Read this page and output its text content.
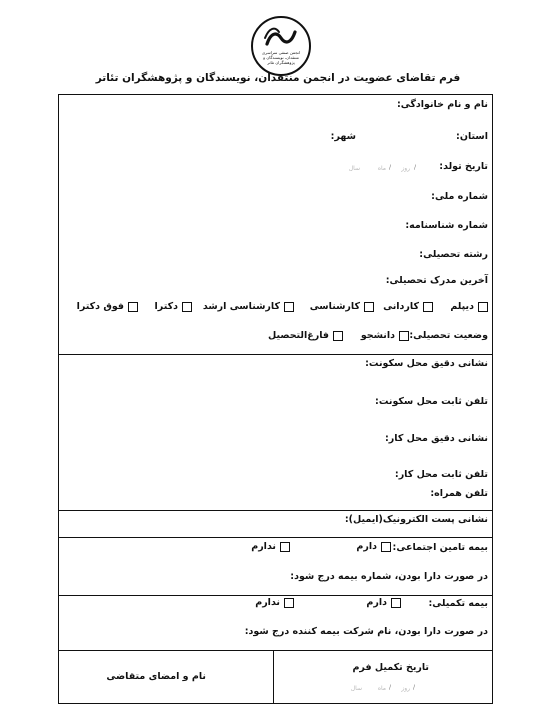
انجمن صنفی سراسری منتقدان، نویسندگان و پژوهشگران تئاتر
فرم تقاضای عضویت در انجمن منتقدان، نویسندگان و پژوهشگران تئاتر
نام و نام خانوادگی:
استان:
شهر:
تاریخ تولد:
روز /
ماه /
سال
شماره ملی:
شماره شناسنامه:
رشته تحصیلی:
آخرین مدرک تحصیلی:
دیپلم
کاردانی
کارشناسی
کارشناسی ارشد
دکترا
فوق دکترا
وضعیت تحصیلی:
دانشجو
فارغ‌التحصیل
نشانی دقیق محل سکونت:
تلفن ثابت محل سکونت:
نشانی دقیق محل کار:
تلفن ثابت محل کار:
تلفن همراه:
نشانی پست الکترونیک(ایمیل):
بیمه تامین اجتماعی:
دارم
ندارم
در صورت دارا بودن، شماره بیمه درج شود:
بیمه تکمیلی:
دارم
ندارم
در صورت دارا بودن، نام شرکت بیمه کننده درج شود:
تاریخ تکمیل فرم
روز /
ماه /
سال
نام و امضای متقاضی
